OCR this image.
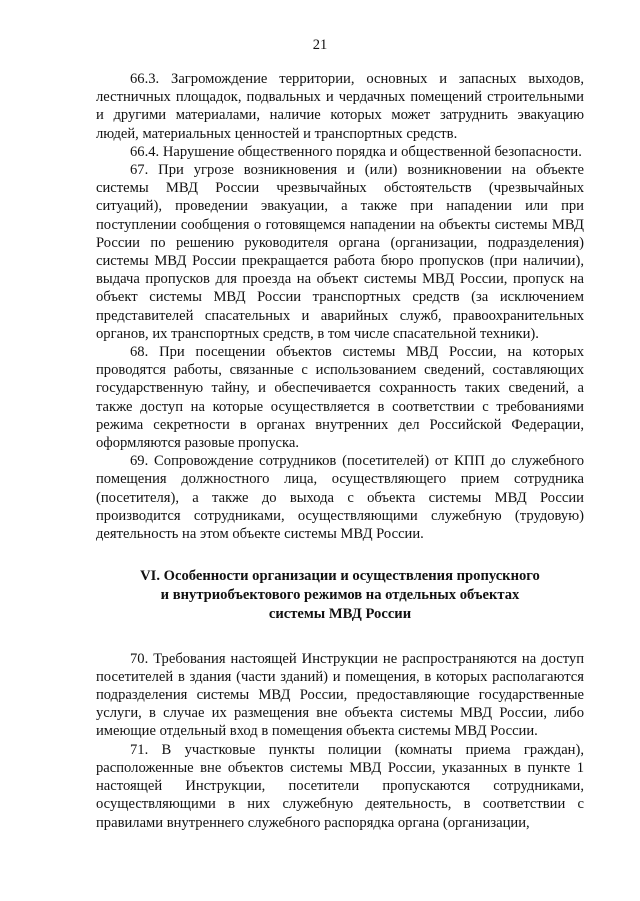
21

66.3. Загромождение территории, основных и запасных выходов, лестничных площадок, подвальных и чердачных помещений строительными и другими материалами, наличие которых может затруднить эвакуацию людей, материальных ценностей и транспортных средств.

66.4. Нарушение общественного порядка и общественной безопасности.

67. При угрозе возникновения и (или) возникновении на объекте системы МВД России чрезвычайных обстоятельств (чрезвычайных ситуаций), проведении эвакуации, а также при нападении или при поступлении сообщения о готовящемся нападении на объекты системы МВД России по решению руководителя органа (организации, подразделения) системы МВД России прекращается работа бюро пропусков (при наличии), выдача пропусков для проезда на объект системы МВД России, пропуск на объект системы МВД России транспортных средств (за исключением представителей спасательных и аварийных служб, правоохранительных органов, их транспортных средств, в том числе спасательной техники).

68. При посещении объектов системы МВД России, на которых проводятся работы, связанные с использованием сведений, составляющих государственную тайну, и обеспечивается сохранность таких сведений, а также доступ на которые осуществляется в соответствии с требованиями режима секретности в органах внутренних дел Российской Федерации, оформляются разовые пропуска.

69. Сопровождение сотрудников (посетителей) от КПП до служебного помещения должностного лица, осуществляющего прием сотрудника (посетителя), а также до выхода с объекта системы МВД России производится сотрудниками, осуществляющими служебную (трудовую) деятельность на этом объекте системы МВД России.

VI. Особенности организации и осуществления пропускного
и внутриобъектового режимов на отдельных объектах
системы МВД России

70. Требования настоящей Инструкции не распространяются на доступ посетителей в здания (части зданий) и помещения, в которых располагаются подразделения системы МВД России, предоставляющие государственные услуги, в случае их размещения вне объекта системы МВД России, либо имеющие отдельный вход в помещения объекта системы МВД России.

71. В участковые пункты полиции (комнаты приема граждан), расположенные вне объектов системы МВД России, указанных в пункте 1 настоящей Инструкции, посетители пропускаются сотрудниками, осуществляющими в них служебную деятельность, в соответствии с правилами внутреннего служебного распорядка органа (организации,
